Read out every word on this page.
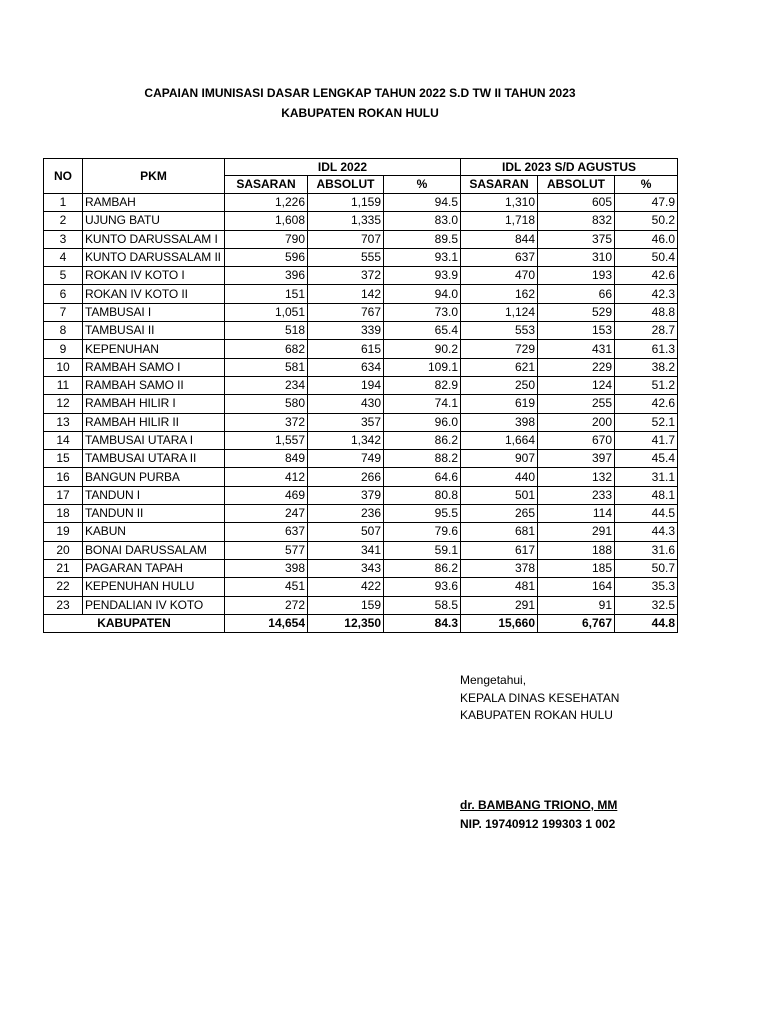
CAPAIAN IMUNISASI DASAR LENGKAP TAHUN 2022 S.D TW II TAHUN 2023
KABUPATEN ROKAN HULU
NO	PKM	IDL 2022			IDL 2023 S/D AGUSTUS		
		SASARAN	ABSOLUT	%	SASARAN	ABSOLUT	%
1	RAMBAH	1,226	1,159	94.5	1,310	605	47.9
2	UJUNG BATU	1,608	1,335	83.0	1,718	832	50.2
3	KUNTO DARUSSALAM I	790	707	89.5	844	375	46.0
4	KUNTO DARUSSALAM II	596	555	93.1	637	310	50.4
5	ROKAN IV KOTO I	396	372	93.9	470	193	42.6
6	ROKAN IV KOTO II	151	142	94.0	162	66	42.3
7	TAMBUSAI I	1,051	767	73.0	1,124	529	48.8
8	TAMBUSAI II	518	339	65.4	553	153	28.7
9	KEPENUHAN	682	615	90.2	729	431	61.3
10	RAMBAH SAMO I	581	634	109.1	621	229	38.2
11	RAMBAH SAMO II	234	194	82.9	250	124	51.2
12	RAMBAH HILIR I	580	430	74.1	619	255	42.6
13	RAMBAH HILIR II	372	357	96.0	398	200	52.1
14	TAMBUSAI UTARA I	1,557	1,342	86.2	1,664	670	41.7
15	TAMBUSAI UTARA II	849	749	88.2	907	397	45.4
16	BANGUN PURBA	412	266	64.6	440	132	31.1
17	TANDUN I	469	379	80.8	501	233	48.1
18	TANDUN II	247	236	95.5	265	114	44.5
19	KABUN	637	507	79.6	681	291	44.3
20	BONAI DARUSSALAM	577	341	59.1	617	188	31.6
21	PAGARAN TAPAH	398	343	86.2	378	185	50.7
22	KEPENUHAN HULU	451	422	93.6	481	164	35.3
23	PENDALIAN IV KOTO	272	159	58.5	291	91	32.5
KABUPATEN		14,654	12,350	84.3	15,660	6,767	44.8
Mengetahui,
KEPALA DINAS KESEHATAN
KABUPATEN ROKAN HULU
dr. BAMBANG TRIONO, MM
NIP. 19740912 199303 1 002
